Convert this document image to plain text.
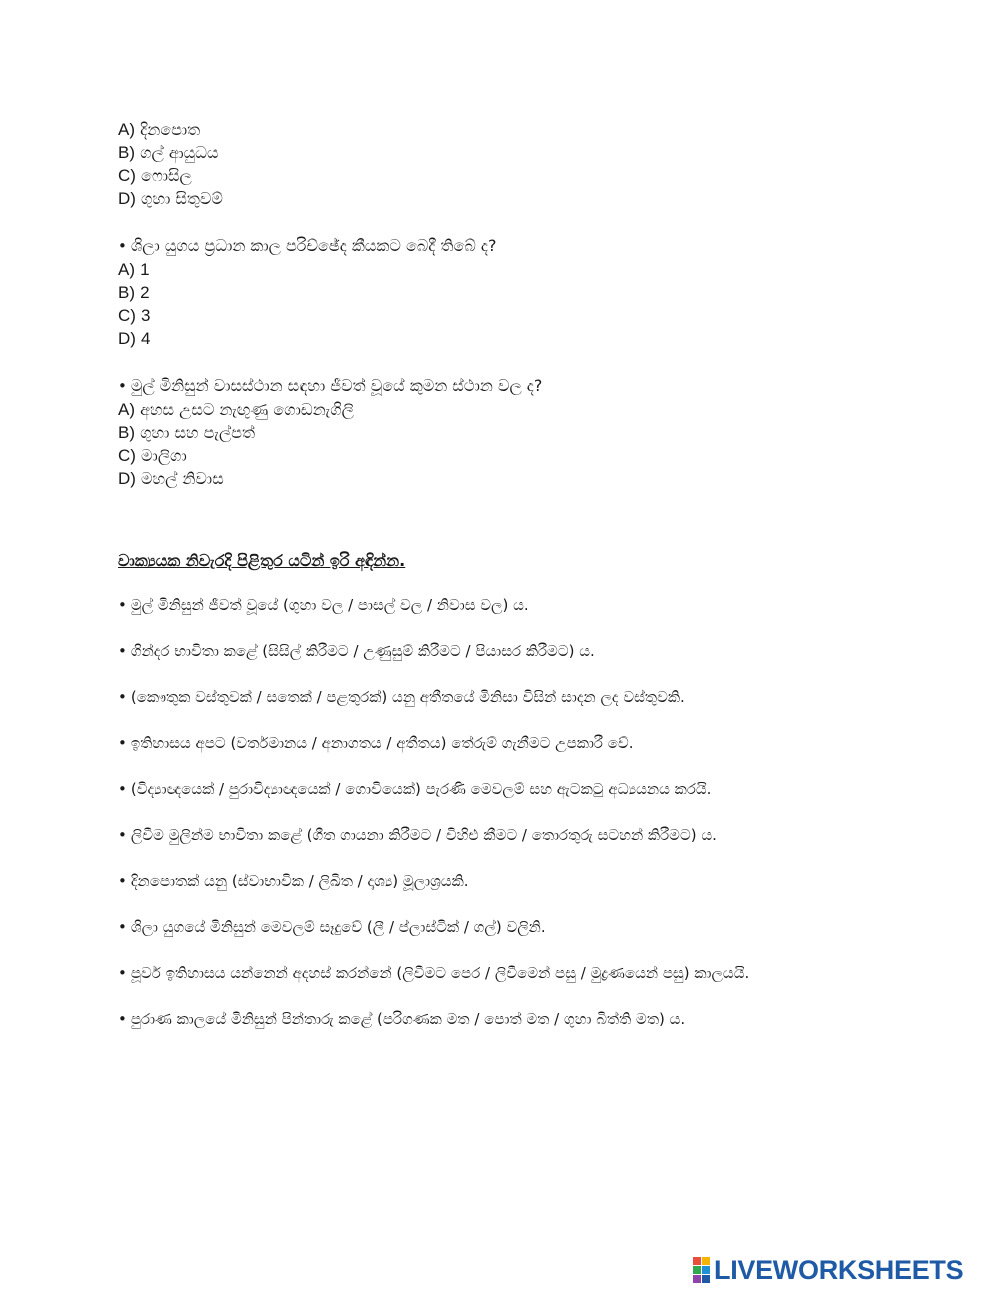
A) දිනපොත
B) ගල් ආයුධය
C) ෆොසිල
D) ගුහා සිතුවම්

• ශිලා යුගය ප්‍රධාන කාල පරිච්ඡේද කීයකට බෙදී තිබේ ද?

A) 1
B) 2
C) 3
D) 4

• මුල් මිනිසුන් වාසස්ථාන සඳහා ජීවත් වූයේ කුමන ස්ථාන වල ද?

A) අහස උසට නැඟුණු ගොඩනැගිලි
B) ගුහා සහ පැල්පත්
C) මාලිගා
D) මහල් නිවාස
වාක්‍යයක නිවැරදි පිළිතුර යටින් ඉරි අඳින්න.
• මුල් මිනිසුන් ජීවත් වූයේ (ගුහා වල / පාසල් වල / නිවාස වල) ය.
• ගින්දර භාවිතා කළේ (සිසිල් කිරීමට / උණුසුම් කිරීමට / පියාසර කිරීමට) ය.
• (කෞතුක වස්තුවක් / සතෙක් / පළතුරක්) යනු අතීතයේ මිනිසා විසින් සාදන ලද වස්තුවකි.
• ඉතිහාසය අපට (වර්තමානය / අනාගතය / අතීතය) තේරුම් ගැනීමට උපකාරී වේ.
• (විද්‍යාඥයෙක් / පුරාවිද්‍යාඥයෙක් / ගොවියෙක්) පැරණි මෙවලම් සහ ඇටකටු අධ්‍යයනය කරයි.
• ලිවීම මුලින්ම භාවිතා කළේ (ගීත ගායනා කිරීමට / විහිළු කීමට / තොරතුරු සටහන් කිරීමට) ය.
• දිනපොතක් යනු (ස්වාභාවික / ලිඛිත / දෘශ්‍ය) මූලාශ්‍රයකි.
• ශිලා යුගයේ මිනිසුන් මෙවලම් සෑදුවේ (ලී / ප්ලාස්ටික් / ගල්) වලිනි.
• පූර්ව ඉතිහාසය යන්නෙන් අදහස් කරන්නේ (ලිවීමට පෙර / ලිවීමෙන් පසු / මුද්‍රණයෙන් පසු) කාලයයි.
• පුරාණ කාලයේ මිනිසුන් පින්තාරු කළේ (පරිගණක මත / පොත් මත / ගුහා බිත්ති මත) ය.
LIVEWORKSHEETS
